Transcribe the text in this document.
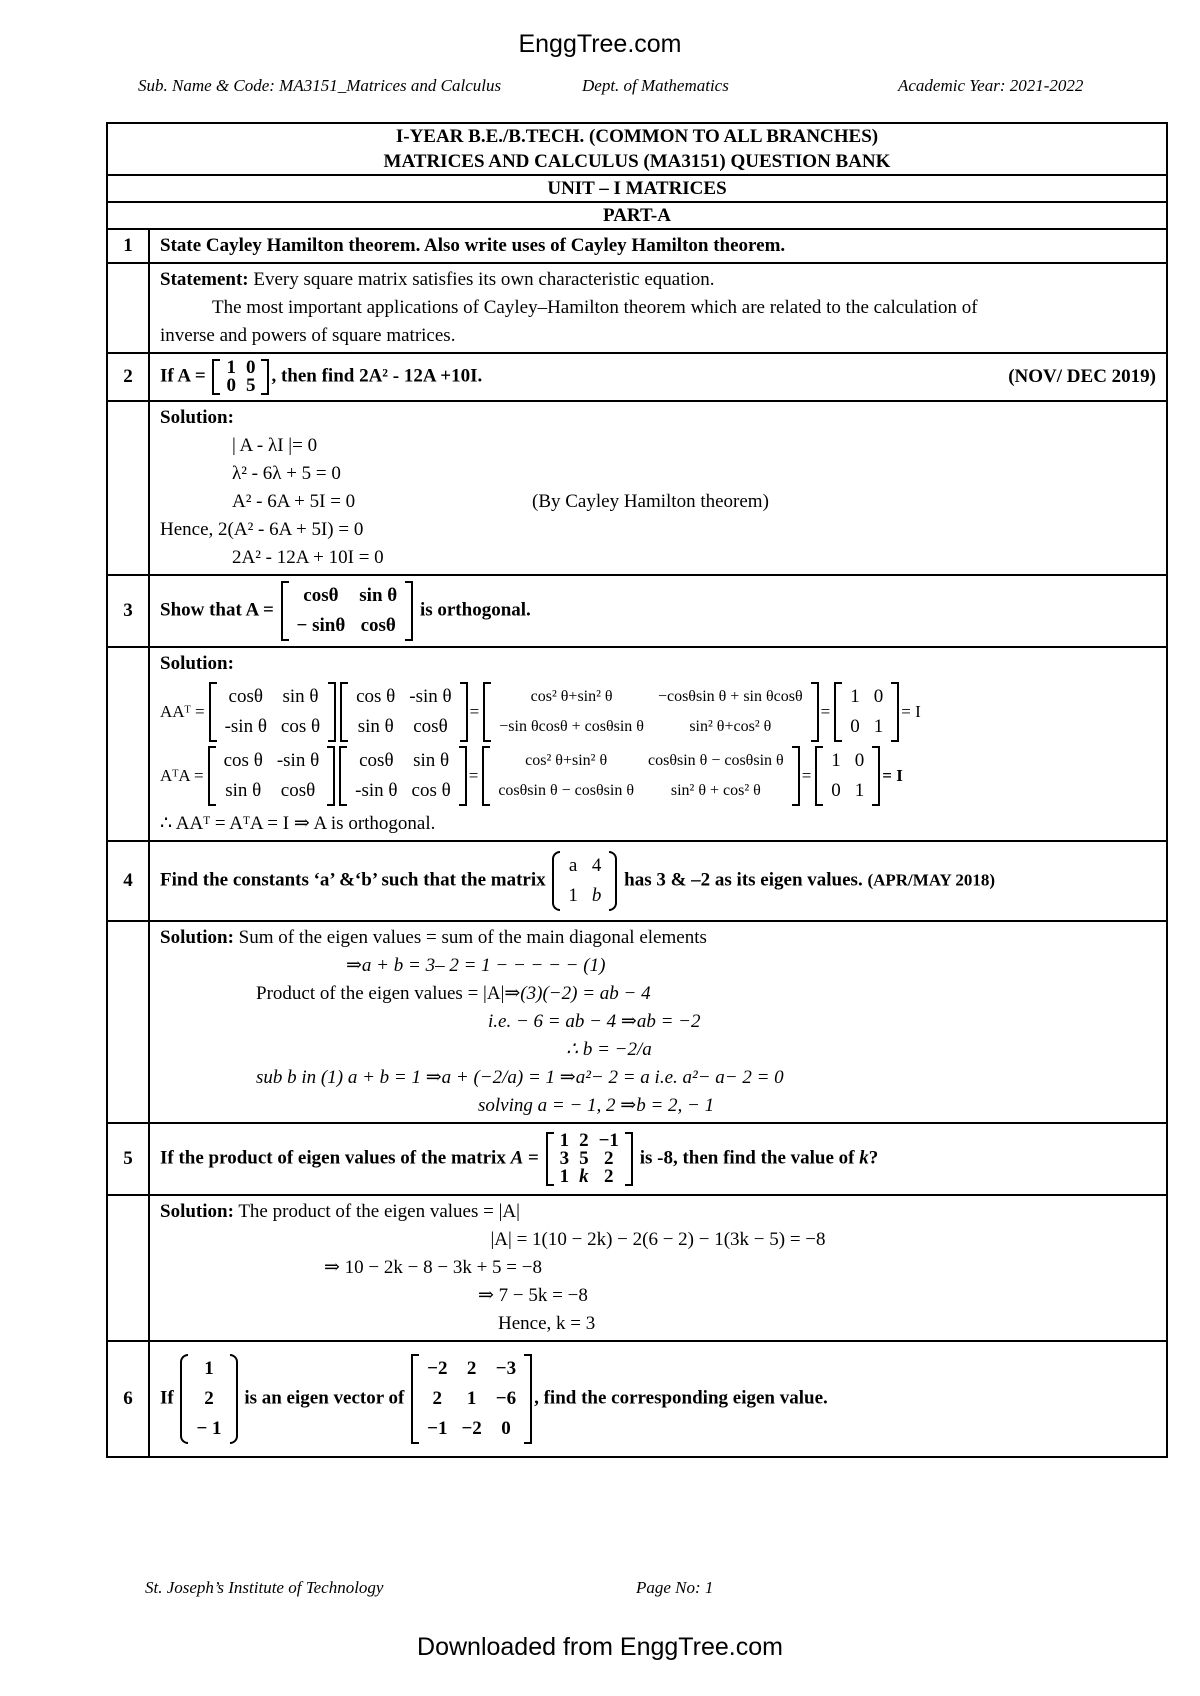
EnggTree.com
Sub. Name & Code: MA3151_Matrices and Calculus	Dept. of Mathematics	Academic Year: 2021-2022
I-YEAR B.E./B.TECH. (COMMON TO ALL BRANCHES)
MATRICES AND CALCULUS (MA3151) QUESTION BANK

UNIT – I MATRICES
PART-A
1	State Cayley Hamilton theorem. Also write uses of Cayley Hamilton theorem.

Statement: Every square matrix satisfies its own characteristic equation.
The most important applications of Cayley–Hamilton theorem which are related to the calculation of
inverse and powers of square matrices.

2	If A = 1	0
0	5 , then find 2A² - 12A +10I.	(NOV/ DEC 2019)

Solution:
| A - λI |= 0
λ² - 6λ + 5 = 0
A² - 6A + 5I = 0	(By Cayley Hamilton theorem)
Hence, 2(A² - 6A + 5I) = 0
2A² - 12A + 10I = 0

3	Show that A =
cosθ	sin θ
− sinθ	cosθ
is orthogonal.

Solution:
AAᵀ =
cosθ	sin θ
-sin θ	cos θ
cos θ	-sin θ
sin θ	cosθ
=
cos² θ+sin² θ	−cosθsin θ + sin θcosθ
−sin θcosθ + cosθsin θ	sin² θ+cos² θ
=
1	0
0	1
= I
AᵀA =
cos θ	-sin θ
sin θ	cosθ
cosθ	sin θ
-sin θ	cos θ
=
cos² θ+sin² θ	cosθsin θ − cosθsin θ
cosθsin θ − cosθsin θ	sin² θ + cos² θ
=
1	0
0	1
= I
∴ AAᵀ = AᵀA = I ⇒ A is orthogonal.

4	Find the constants ‘a’ &‘b’ such that the matrix
a	4
1	b
has 3 & –2 as its eigen values. (APR/MAY 2018)

Solution: Sum of the eigen values = sum of the main diagonal elements
⇒a + b = 3– 2 = 1 − − − − − (1)
Product of the eigen values = |A|⇒(3)(−2) = ab − 4
i.e. − 6 = ab − 4 ⇒ab = −2
∴ b = −2/a
sub b in (1) a + b = 1 ⇒a + (−2/a) = 1 ⇒a²− 2 = a i.e. a²− a− 2 = 0
solving a = − 1, 2 ⇒b = 2, − 1

5	If the product of eigen values of the matrix A =
1	2	−1
3	5	2
1	k	2
is -8, then find the value of k?

Solution: The product of the eigen values = |A|
|A| = 1(10 − 2k) − 2(6 − 2) − 1(3k − 5) = −8
⇒ 10 − 2k − 8 − 3k + 5 = −8
⇒ 7 − 5k = −8
Hence, k = 3

6	If
1
2
− 1
is an eigen vector of
−2	2	−3
2	1	−6
−1	−2	0
, find the corresponding eigen value.
St. Joseph’s Institute of Technology	Page No: 1
Downloaded from EnggTree.com
